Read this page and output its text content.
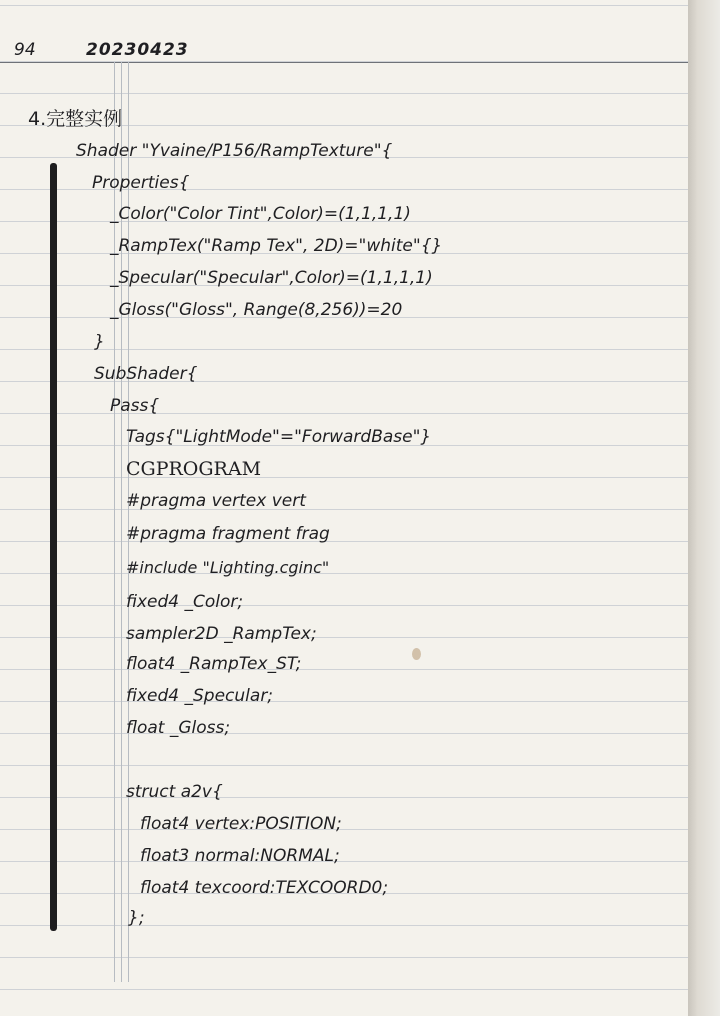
94	20230423
4.完整实例
Shader "Yvaine/P156/RampTexture"{
Properties{
_Color("Color Tint",Color)=(1,1,1,1)
_RampTex("Ramp Tex", 2D)="white"{}
_Specular("Specular",Color)=(1,1,1,1)
_Gloss("Gloss", Range(8,256))=20
}
SubShader{
Pass{
Tags{"LightMode"="ForwardBase"}
CGPROGRAM
#pragma vertex vert
#pragma fragment frag
#include "Lighting.cginc"
fixed4 _Color;
sampler2D _RampTex;
float4 _RampTex_ST;
fixed4 _Specular;
float _Gloss;
struct a2v{
float4 vertex:POSITION;
float3 normal:NORMAL;
float4 texcoord:TEXCOORD0;
};
